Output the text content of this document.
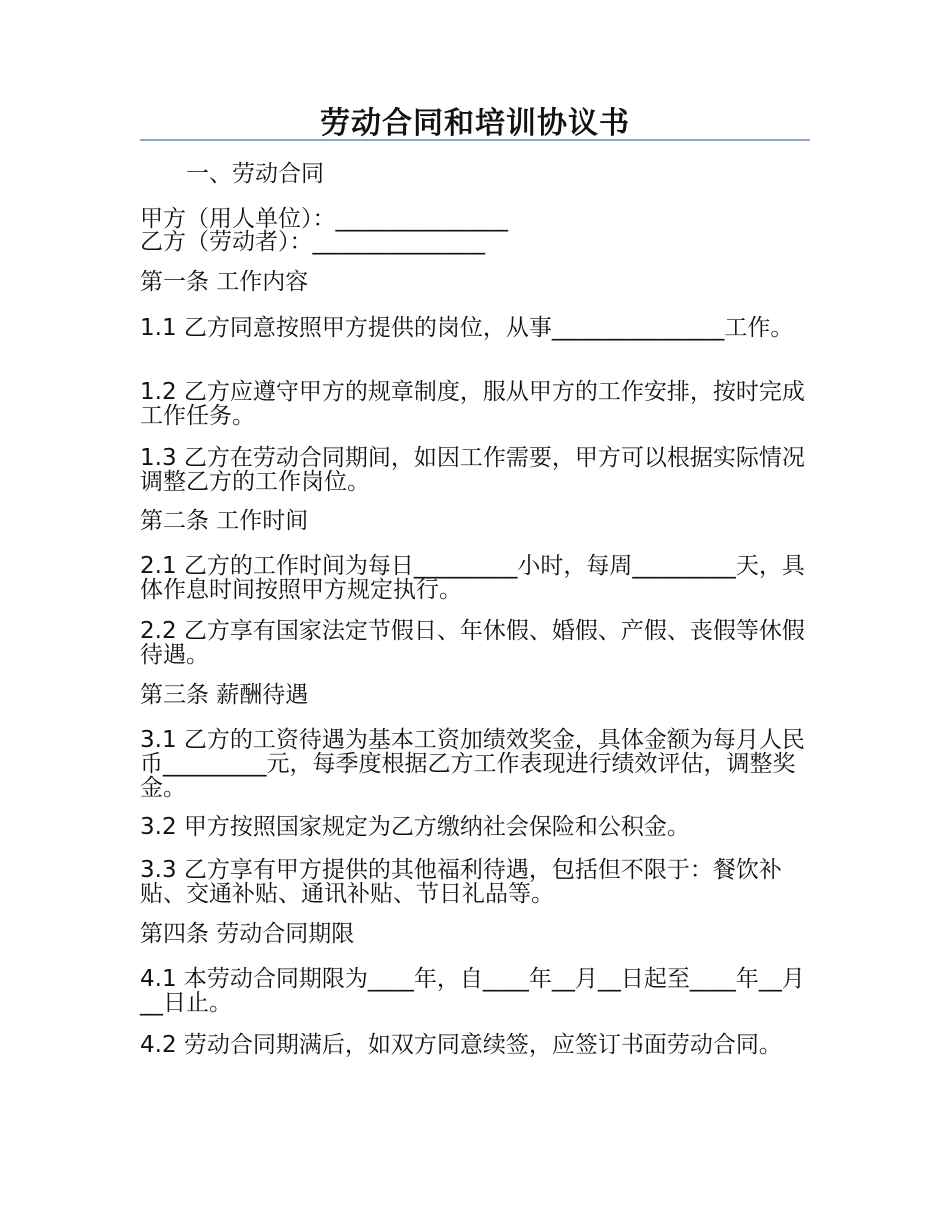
劳动合同和培训协议书
一、劳动合同
甲方（用人单位）：_______________
乙方（劳动者）：_______________
第一条 工作内容
1.1 乙方同意按照甲方提供的岗位，从事_______________工作。
1.2 乙方应遵守甲方的规章制度，服从甲方的工作安排，按时完成工作任务。
1.3 乙方在劳动合同期间，如因工作需要，甲方可以根据实际情况调整乙方的工作岗位。
第二条 工作时间
2.1 乙方的工作时间为每日_________小时，每周_________天，具体作息时间按照甲方规定执行。
2.2 乙方享有国家法定节假日、年休假、婚假、产假、丧假等休假待遇。
第三条 薪酬待遇
3.1 乙方的工资待遇为基本工资加绩效奖金，具体金额为每月人民币_________元，每季度根据乙方工作表现进行绩效评估，调整奖金。
3.2 甲方按照国家规定为乙方缴纳社会保险和公积金。
3.3 乙方享有甲方提供的其他福利待遇，包括但不限于：餐饮补贴、交通补贴、通讯补贴、节日礼品等。
第四条 劳动合同期限
4.1 本劳动合同期限为____年，自____年__月__日起至____年__月__日止。
4.2 劳动合同期满后，如双方同意续签，应签订书面劳动合同。
